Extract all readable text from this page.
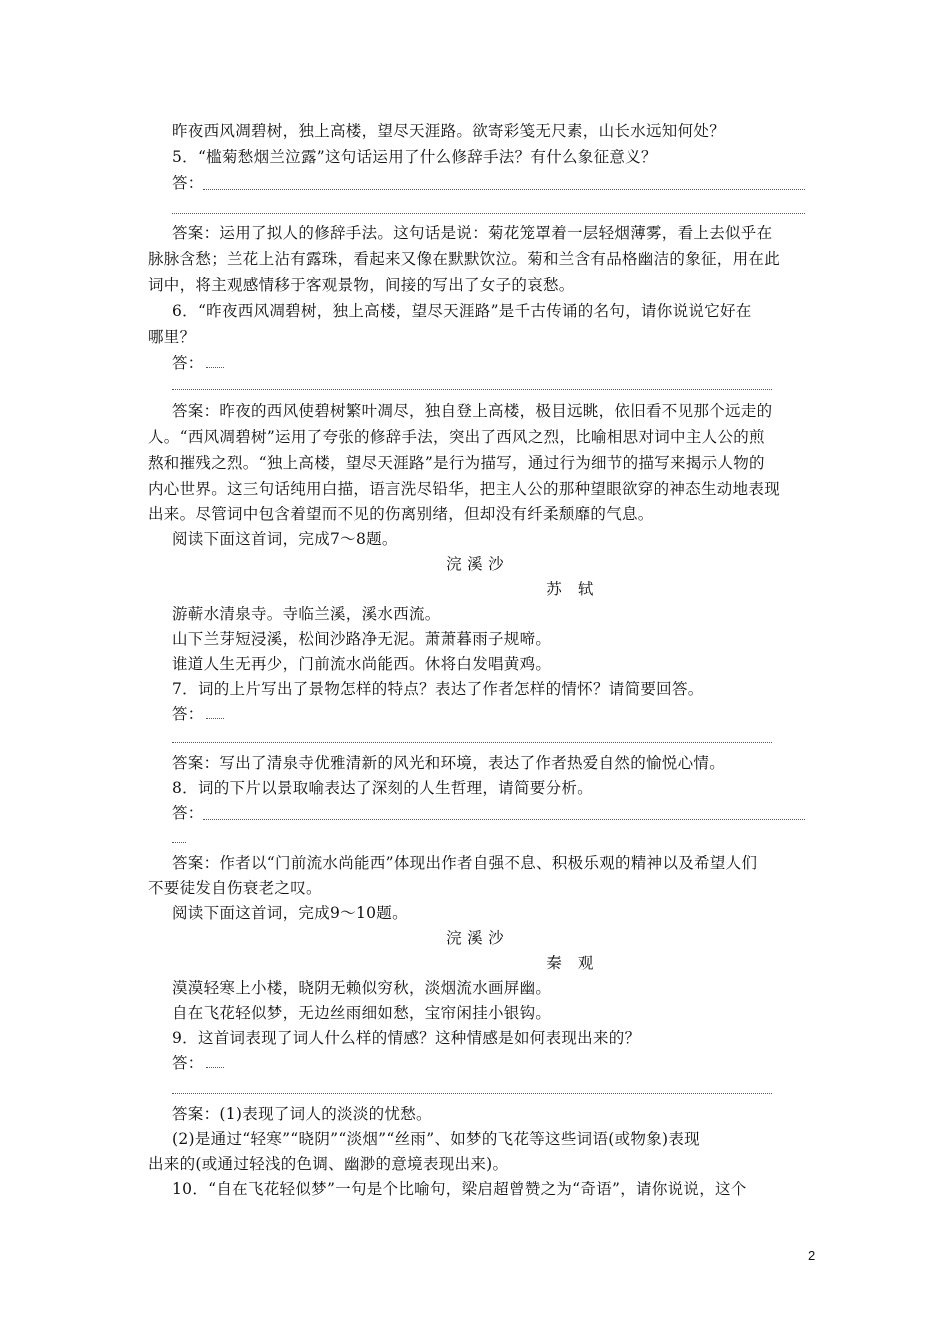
昨夜西风凋碧树，独上高楼，望尽天涯路。欲寄彩笺无尺素，山长水远知何处？
5．“槛菊愁烟兰泣露”这句话运用了什么修辞手法？有什么象征意义？
答：
答案：运用了拟人的修辞手法。这句话是说：菊花笼罩着一层轻烟薄雾，看上去似乎在
脉脉含愁；兰花上沾有露珠，看起来又像在默默饮泣。菊和兰含有品格幽洁的象征，用在此
词中，将主观感情移于客观景物，间接的写出了女子的哀愁。
6．“昨夜西风凋碧树，独上高楼，望尽天涯路”是千古传诵的名句，请你说说它好在
哪里？
答：
答案：昨夜的西风使碧树繁叶凋尽，独自登上高楼，极目远眺，依旧看不见那个远走的
人。“西风凋碧树”运用了夸张的修辞手法，突出了西风之烈，比喻相思对词中主人公的煎
熬和摧残之烈。“独上高楼，望尽天涯路”是行为描写，通过行为细节的描写来揭示人物的
内心世界。这三句话纯用白描，语言洗尽铅华，把主人公的那种望眼欲穿的神态生动地表现
出来。尽管词中包含着望而不见的伤离别绪，但却没有纤柔颓靡的气息。
阅读下面这首词，完成7～8题。
浣 溪 沙
苏　轼
游蕲水清泉寺。寺临兰溪，溪水西流。
山下兰芽短浸溪，松间沙路净无泥。萧萧暮雨子规啼。
谁道人生无再少，门前流水尚能西。休将白发唱黄鸡。
7．词的上片写出了景物怎样的特点？表达了作者怎样的情怀？请简要回答。
答：
答案：写出了清泉寺优雅清新的风光和环境，表达了作者热爱自然的愉悦心情。
8．词的下片以景取喻表达了深刻的人生哲理，请简要分析。
答：
答案：作者以“门前流水尚能西”体现出作者自强不息、积极乐观的精神以及希望人们
不要徒发自伤衰老之叹。
阅读下面这首词，完成9～10题。
浣 溪 沙
秦　观
漠漠轻寒上小楼，晓阴无赖似穷秋，淡烟流水画屏幽。
自在飞花轻似梦，无边丝雨细如愁，宝帘闲挂小银钩。
9．这首词表现了词人什么样的情感？这种情感是如何表现出来的？
答：
答案：(1)表现了词人的淡淡的忧愁。
(2)是通过“轻寒”“晓阴”“淡烟”“丝雨”、如梦的飞花等这些词语(或物象)表现
出来的(或通过轻浅的色调、幽渺的意境表现出来)。
10．“自在飞花轻似梦”一句是个比喻句，梁启超曾赞之为“奇语”，请你说说，这个
2
